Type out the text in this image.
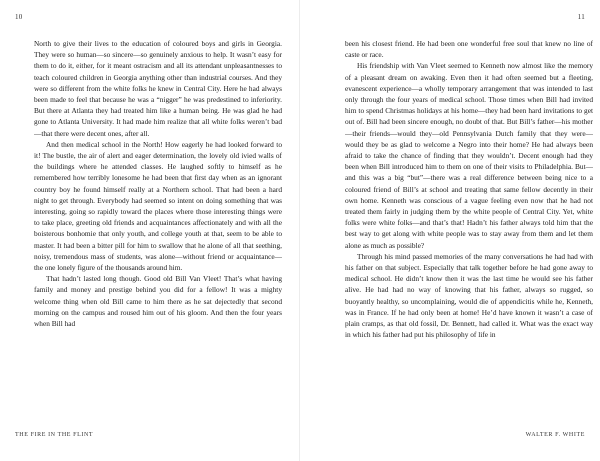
10

North to give their lives to the education of coloured boys and girls in Georgia. They were so human—so sincere—so genuinely anxious to help. It wasn’t easy for them to do it, either, for it meant ostracism and all its attendant unpleasantnesses to teach coloured children in Georgia anything other than industrial courses. And they were so different from the white folks he knew in Central City. Here he had always been made to feel that because he was a “nigger” he was predestined to inferiority. But there at Atlanta they had treated him like a human being. He was glad he had gone to Atlanta University. It had made him realize that all white folks weren’t bad—that there were decent ones, after all.

And then medical school in the North! How eagerly he had looked forward to it! The bustle, the air of alert and eager determination, the lovely old ivied walls of the buildings where he attended classes. He laughed softly to himself as he remembered how terribly lonesome he had been that first day when as an ignorant country boy he found himself really at a Northern school. That had been a hard night to get through. Everybody had seemed so intent on doing something that was interesting, going so rapidly toward the places where those interesting things were to take place, greeting old friends and acquaintances affectionately and with all the boisterous bonhomie that only youth, and college youth at that, seem to be able to master. It had been a bitter pill for him to swallow that he alone of all that seething, noisy, tremendous mass of students, was alone—without friend or acquaintance—the one lonely figure of the thousands around him.

That hadn’t lasted long though. Good old Bill Van Vleet! That’s what having family and money and prestige behind you did for a fellow! It was a mighty welcome thing when old Bill came to him there as he sat dejectedly that second morning on the campus and roused him out of his gloom. And then the four years when Bill had

THE FIRE IN THE FLINT
11

been his closest friend. He had been one wonderful free soul that knew no line of caste or race.

His friendship with Van Vleet seemed to Kenneth now almost like the memory of a pleasant dream on awaking. Even then it had often seemed but a fleeting, evanescent experience—a wholly temporary arrangement that was intended to last only through the four years of medical school. Those times when Bill had invited him to spend Christmas holidays at his home—they had been hard invitations to get out of. Bill had been sincere enough, no doubt of that. But Bill’s father—his mother—their friends—would they—old Pennsylvania Dutch family that they were—would they be as glad to welcome a Negro into their home? He had always been afraid to take the chance of finding that they wouldn’t. Decent enough had they been when Bill introduced him to them on one of their visits to Philadelphia. But—and this was a big “but”—there was a real difference between being nice to a coloured friend of Bill’s at school and treating that same fellow decently in their own home. Kenneth was conscious of a vague feeling even now that he had not treated them fairly in judging them by the white people of Central City. Yet, white folks were white folks—and that’s that! Hadn’t his father always told him that the best way to get along with white people was to stay away from them and let them alone as much as possible?

Through his mind passed memories of the many conversations he had had with his father on that subject. Especially that talk together before he had gone away to medical school. He didn’t know then it was the last time he would see his father alive. He had had no way of knowing that his father, always so rugged, so buoyantly healthy, so uncomplaining, would die of appendicitis while he, Kenneth, was in France. If he had only been at home! He’d have known it wasn’t a case of plain cramps, as that old fossil, Dr. Bennett, had called it. What was the exact way in which his father had put his philosophy of life in

WALTER F. WHITE
